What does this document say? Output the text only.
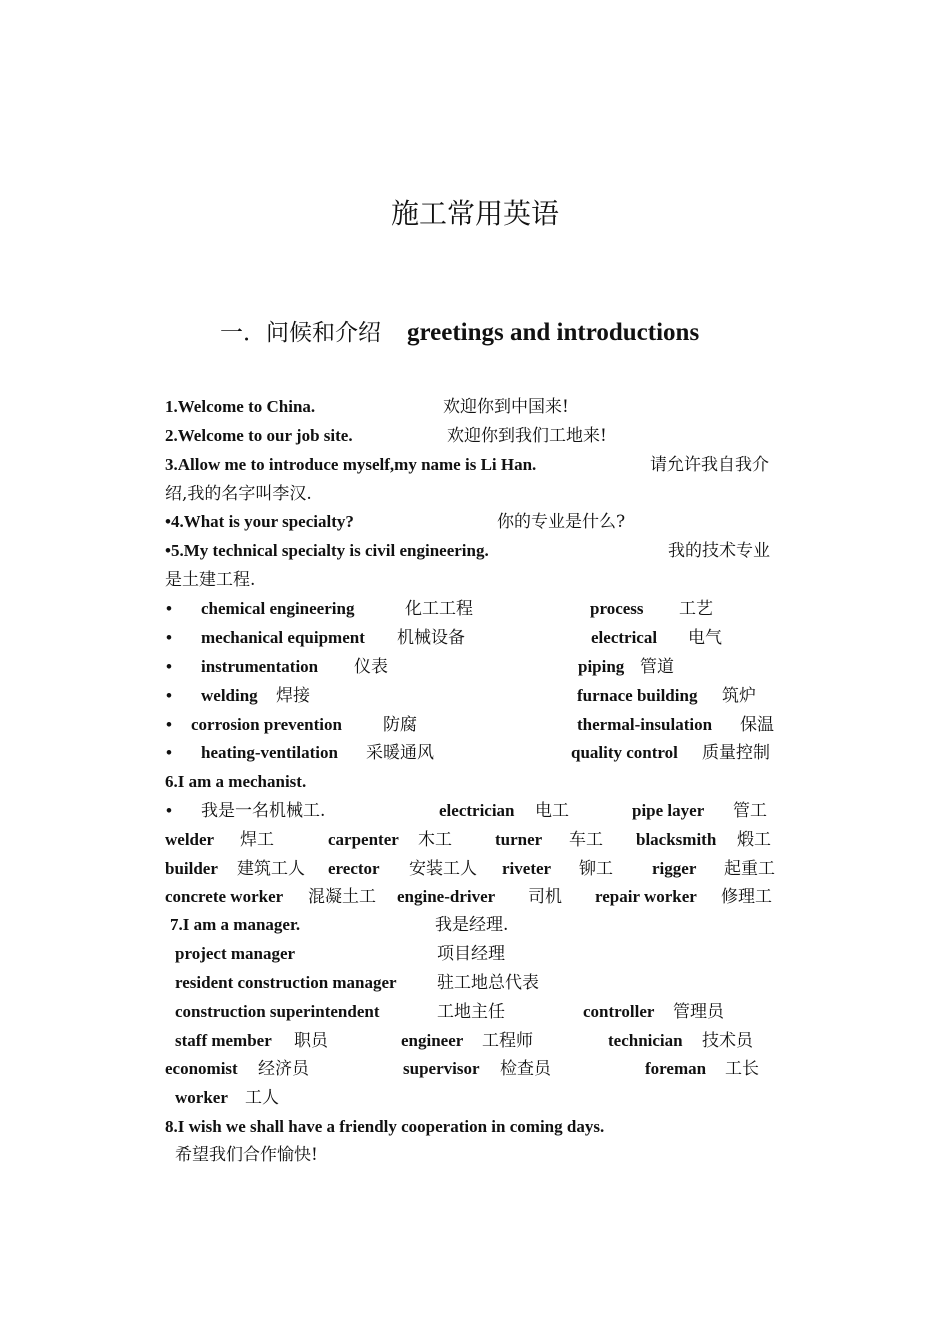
施工常用英语
一．问候和介绍 greetings and introductions
1.Welcome to China.	欢迎你到中国来!
2.Welcome to our job site.	欢迎你到我们工地来!
3.Allow me to introduce myself,my name is Li Han.	请允许我自我介
绍,我的名字叫李汉.
•4.What is your specialty?	你的专业是什么?
•5.My technical specialty is civil engineering.	我的技术专业
是土建工程.
• chemical engineering	化工工程	process 工艺
• mechanical equipment 机械设备	electrical 电气
• instrumentation 仪表	piping 管道
• welding 焊接	furnace building 筑炉
• corrosion prevention 防腐	thermal-insulation 保温
• heating-ventilation 采暖通风	quality control 质量控制
6.I am a mechanist.
• 我是一名机械工.	electrician 电工	pipe layer 管工
welder 焊工	carpenter 木工	turner 车工 blacksmith 煅工
builder 建筑工人 erector 安装工人 riveter 铆工 rigger 起重工
concrete worker 混凝土工 engine-driver 司机 repair worker 修理工
7.I am a manager.	我是经理.
project manager	项目经理
resident construction manager 驻工地总代表
construction superintendent	工地主任	controller 管理员
staff member 职员	engineer 工程师	technician 技术员
economist 经济员	supervisor 检查员	foreman 工长
worker 工人
8.I wish we shall have a friendly cooperation in coming days.
希望我们合作愉快!
